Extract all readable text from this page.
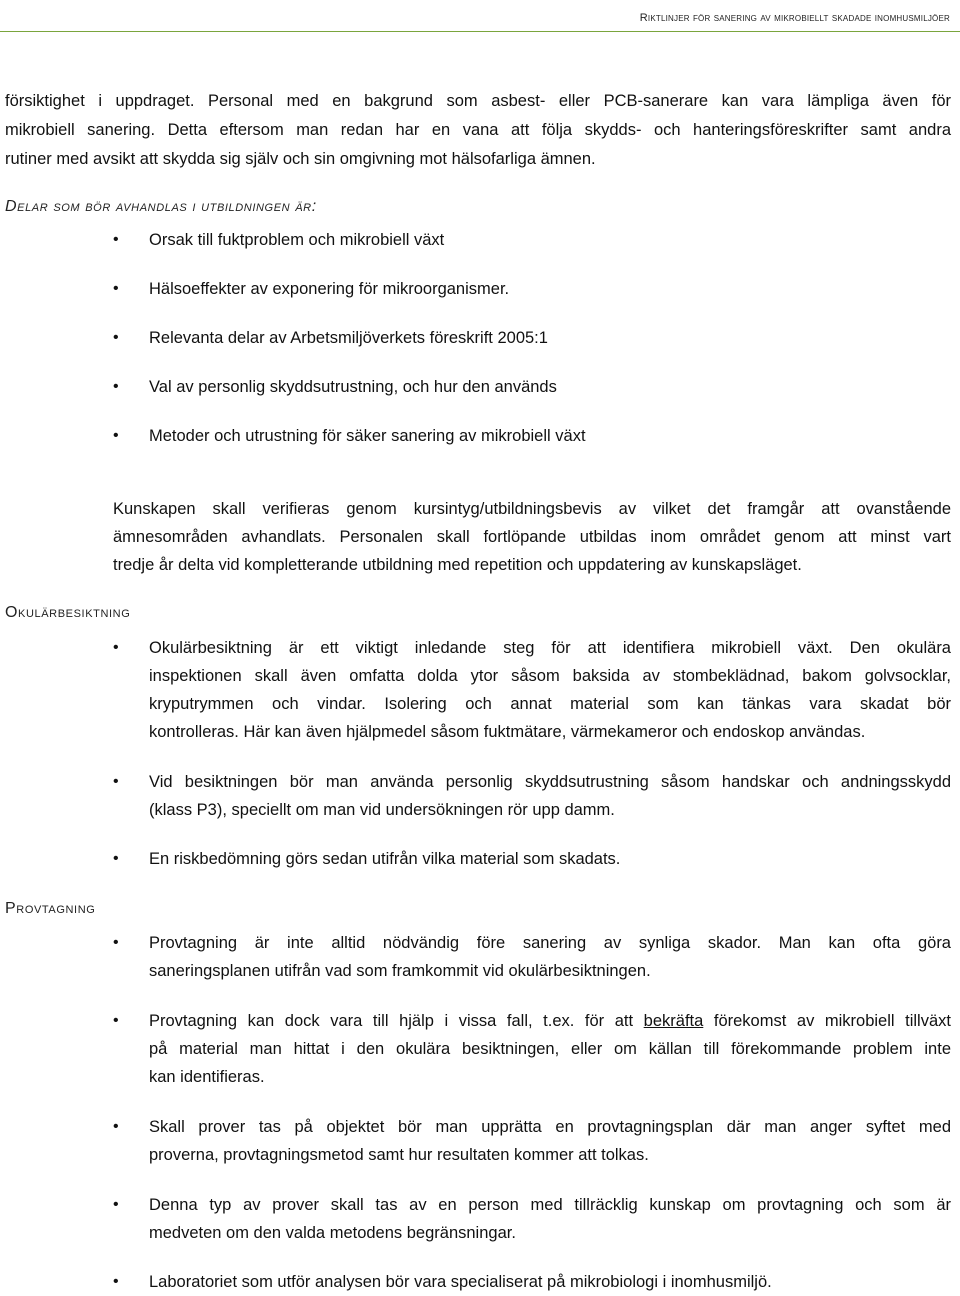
Riktlinjer för sanering av mikrobiellt skadade inomhusmiljöer
försiktighet i uppdraget. Personal med en bakgrund som asbest- eller PCB-sanerare kan vara lämpliga även för
mikrobiell sanering. Detta eftersom man redan har en vana att följa skydds- och hanteringsföreskrifter samt andra
rutiner med avsikt att skydda sig själv och sin omgivning mot hälsofarliga ämnen.
Delar som bör avhandlas i utbildningen är:
• Orsak till fuktproblem och mikrobiell växt
• Hälsoeffekter av exponering för mikroorganismer.
• Relevanta delar av Arbetsmiljöverkets föreskrift 2005:1
• Val av personlig skyddsutrustning, och hur den används
• Metoder och utrustning för säker sanering av mikrobiell växt
Kunskapen skall verifieras genom kursintyg/utbildningsbevis av vilket det framgår att ovanstående
ämnesområden avhandlats. Personalen skall fortlöpande utbildas inom området genom att minst vart
tredje år delta vid kompletterande utbildning med repetition och uppdatering av kunskapsläget.
Okulärbesiktning
• Okulärbesiktning är ett viktigt inledande steg för att identifiera mikrobiell växt. Den okulära
inspektionen skall även omfatta dolda ytor såsom baksida av stombeklädnad, bakom golvsocklar,
kryputrymmen och vindar. Isolering och annat material som kan tänkas vara skadat bör
kontrolleras. Här kan även hjälpmedel såsom fuktmätare, värmekameror och endoskop användas.
• Vid besiktningen bör man använda personlig skyddsutrustning såsom handskar och andningsskydd
(klass P3), speciellt om man vid undersökningen rör upp damm.
• En riskbedömning görs sedan utifrån vilka material som skadats.
Provtagning
• Provtagning är inte alltid nödvändig före sanering av synliga skador. Man kan ofta göra
saneringsplanen utifrån vad som framkommit vid okulärbesiktningen.
• Provtagning kan dock vara till hjälp i vissa fall, t.ex. för att bekräfta förekomst av mikrobiell tillväxt
på material man hittat i den okulära besiktningen, eller om källan till förekommande problem inte
kan identifieras.
• Skall prover tas på objektet bör man upprätta en provtagningsplan där man anger syftet med
proverna, provtagningsmetod samt hur resultaten kommer att tolkas.
• Denna typ av prover skall tas av en person med tillräcklig kunskap om provtagning och som är
medveten om den valda metodens begränsningar.
• Laboratoriet som utför analysen bör vara specialiserat på mikrobiologi i inomhusmiljö.
